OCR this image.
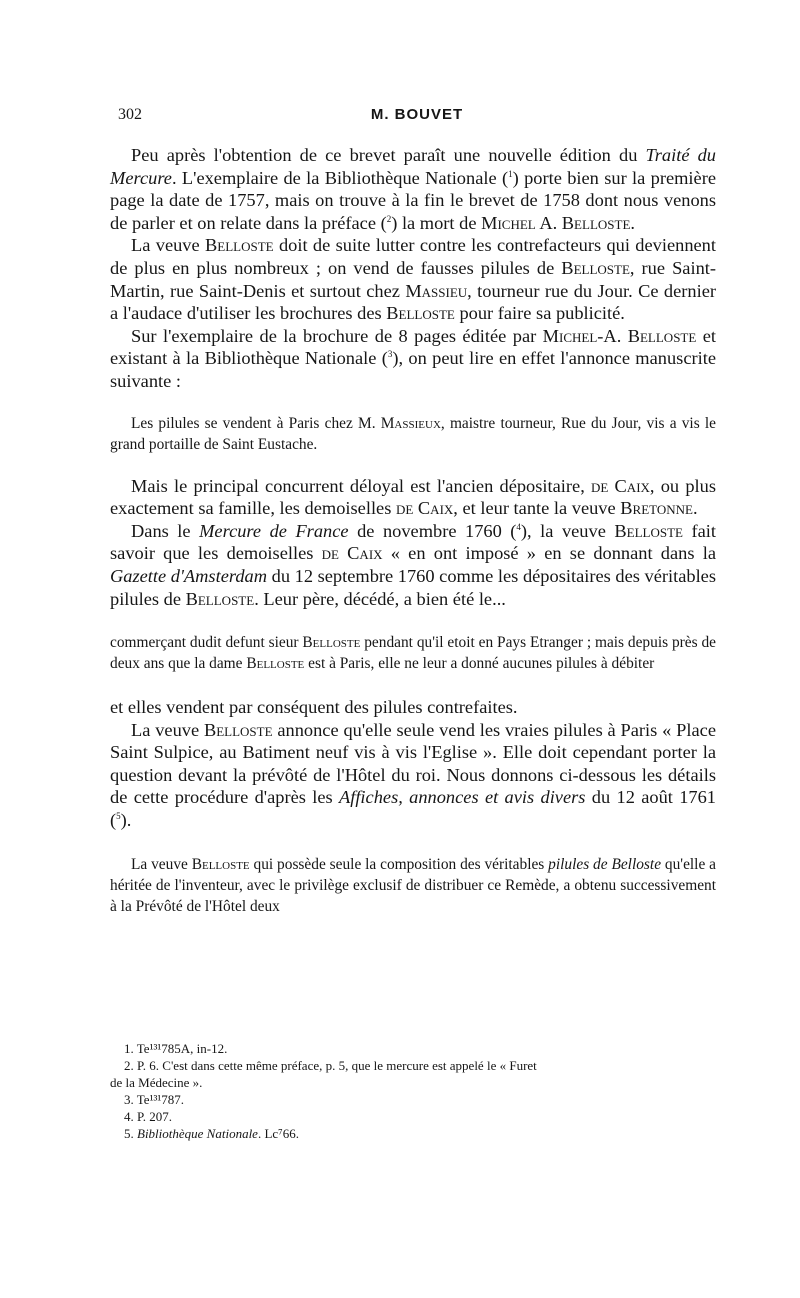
302	M. BOUVET

Peu après l'obtention de ce brevet paraît une nouvelle édition du Traité du Mercure. L'exemplaire de la Bibliothèque Nationale ($^1$) porte bien sur la première page la date de 1757, mais on trouve à la fin le brevet de 1758 dont nous venons de parler et on relate dans la préface ($^2$) la mort de Michel A. Belloste.

La veuve Belloste doit de suite lutter contre les contrefacteurs qui deviennent de plus en plus nombreux ; on vend de fausses pilules de Belloste, rue Saint-Martin, rue Saint-Denis et surtout chez Massieu, tourneur rue du Jour. Ce dernier a l'audace d'utiliser les brochures des Belloste pour faire sa publicité.

Sur l'exemplaire de la brochure de 8 pages éditée par Michel-A. Belloste et existant à la Bibliothèque Nationale ($^3$), on peut lire en effet l'annonce manuscrite suivante :

Les pilules se vendent à Paris chez M. Massieux, maistre tourneur, Rue du Jour, vis a vis le grand portaille de Saint Eustache.

Mais le principal concurrent déloyal est l'ancien dépositaire, de Caix, ou plus exactement sa famille, les demoiselles de Caix, et leur tante la veuve Bretonne.

Dans le Mercure de France de novembre 1760 ($^4$), la veuve Belloste fait savoir que les demoiselles de Caix « en ont imposé » en se donnant dans la Gazette d'Amsterdam du 12 septembre 1760 comme les dépositaires des véritables pilules de Belloste. Leur père, décédé, a bien été le...

commerçant dudit defunt sieur Belloste pendant qu'il etoit en Pays Etranger ; mais depuis près de deux ans que la dame Belloste est à Paris, elle ne leur a donné aucunes pilules à débiter

et elles vendent par conséquent des pilules contrefaites.

La veuve Belloste annonce qu'elle seule vend les vraies pilules à Paris « Place Saint Sulpice, au Batiment neuf vis à vis l'Eglise ». Elle doit cependant porter la question devant la prévôté de l'Hôtel du roi. Nous donnons ci-dessous les détails de cette procédure d'après les Affiches, annonces et avis divers du 12 août 1761 ($^5$).

La veuve Belloste qui possède seule la composition des véritables pilules de Belloste qu'elle a héritée de l'inventeur, avec le privilège exclusif de distribuer ce Remède, a obtenu successivement à la Prévôté de l'Hôtel deux

1. Te¹³¹785A, in-12.
2. P. 6. C'est dans cette même préface, p. 5, que le mercure est appelé le « Furet
de la Médecine ».
3. Te¹³¹787.
4. P. 207.
5. Bibliothèque Nationale. Lc⁷66.
